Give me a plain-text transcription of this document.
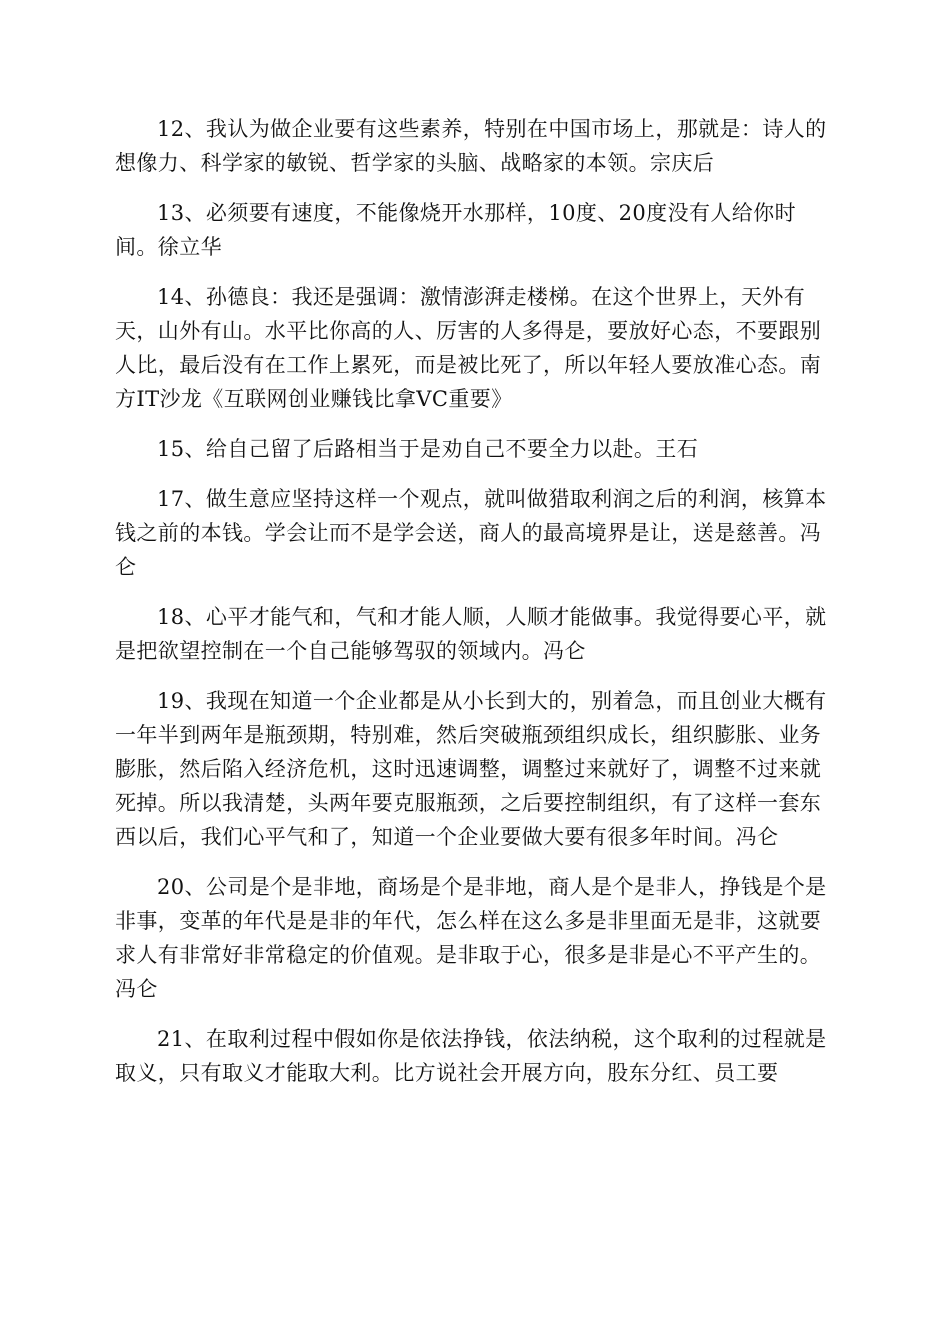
12、我认为做企业要有这些素养，特别在中国市场上，那就是：诗人的想像力、科学家的敏锐、哲学家的头脑、战略家的本领。宗庆后

13、必须要有速度，不能像烧开水那样，10度、20度没有人给你时间。徐立华

14、孙德良：我还是强调：激情澎湃走楼梯。在这个世界上，天外有天，山外有山。水平比你高的人、厉害的人多得是，要放好心态，不要跟别人比，最后没有在工作上累死，而是被比死了，所以年轻人要放准心态。南方IT沙龙《互联网创业赚钱比拿VC重要》

15、给自己留了后路相当于是劝自己不要全力以赴。王石

17、做生意应坚持这样一个观点，就叫做猎取利润之后的利润，核算本钱之前的本钱。学会让而不是学会送，商人的最高境界是让，送是慈善。冯仑

18、心平才能气和，气和才能人顺，人顺才能做事。我觉得要心平，就是把欲望控制在一个自己能够驾驭的领域内。冯仑

19、我现在知道一个企业都是从小长到大的，别着急，而且创业大概有一年半到两年是瓶颈期，特别难，然后突破瓶颈组织成长，组织膨胀、业务膨胀，然后陷入经济危机，这时迅速调整，调整过来就好了，调整不过来就死掉。所以我清楚，头两年要克服瓶颈，之后要控制组织，有了这样一套东西以后，我们心平气和了，知道一个企业要做大要有很多年时间。冯仑

20、公司是个是非地，商场是个是非地，商人是个是非人，挣钱是个是非事，变革的年代是是非的年代，怎么样在这么多是非里面无是非，这就要求人有非常好非常稳定的价值观。是非取于心，很多是非是心不平产生的。冯仑

21、在取利过程中假如你是依法挣钱，依法纳税，这个取利的过程就是取义，只有取义才能取大利。比方说社会开展方向，股东分红、员工要
